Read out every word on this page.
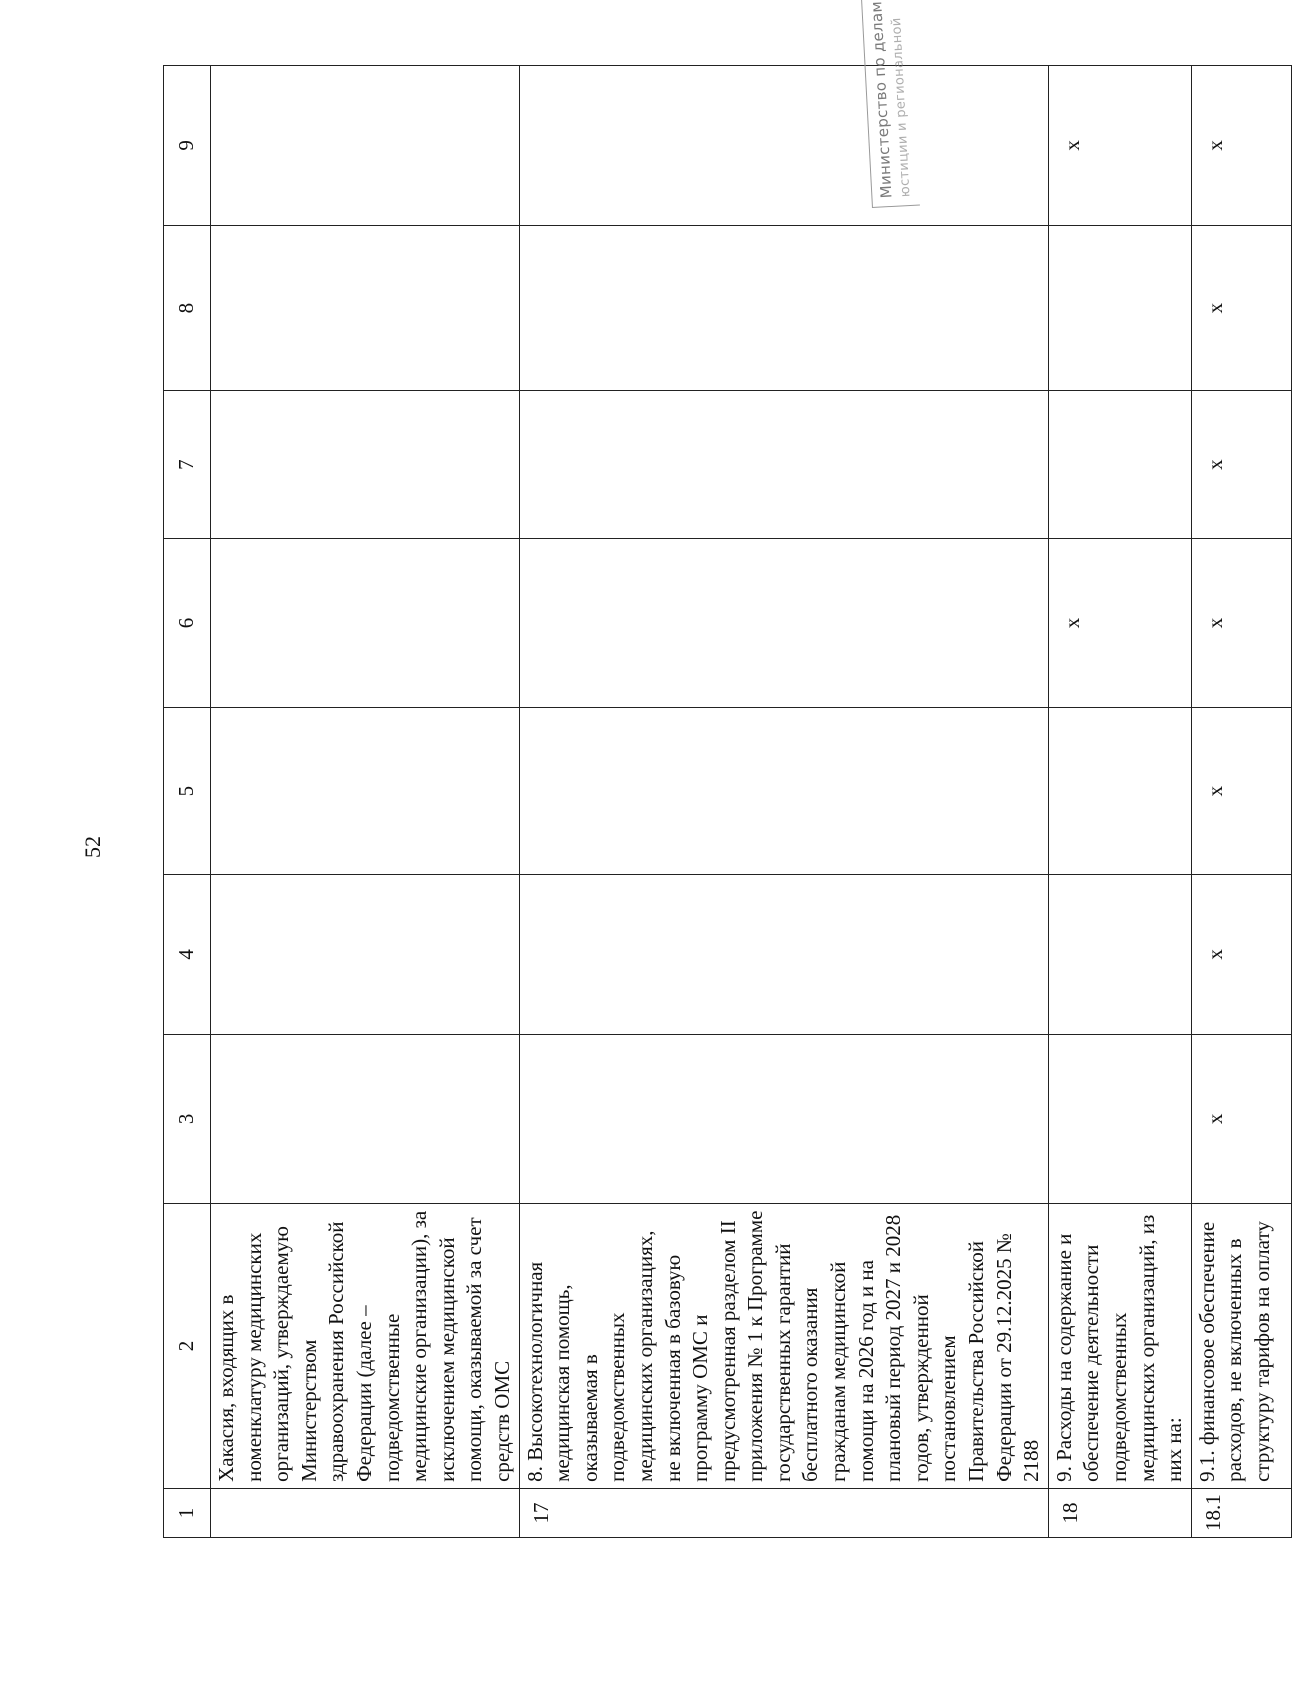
52
1	2	3	4	5	6	7	8	9
	Хакасия, входящих в номенклатуру медицинских организаций, утверждаемую Министерством здравоохранения Российской Федерации (далее – подведомственные медицинские организации), за исключением медицинской помощи, оказываемой за счет средств ОМС							
17	8. Высокотехнологичная медицинская помощь, оказываемая в подведомственных медицинских организациях, не включенная в базовую программу ОМС и предусмотренная разделом II приложения № 1 к Программе государственных гарантий бесплатного оказания гражданам медицинской помощи на 2026 год и на плановый период 2027 и 2028 годов, утвержденной постановлением Правительства Российской Федерации от 29.12.2025 № 2188							
18	9. Расходы на содержание и обеспечение деятельности подведомственных медицинских организаций, из них на:				х			х
18.1	9.1. финансовое обеспечение расходов, не включенных в структуру тарифов на оплату	х	х	х	х	х	х	х
Министерство по делам
юстиции и региональной
